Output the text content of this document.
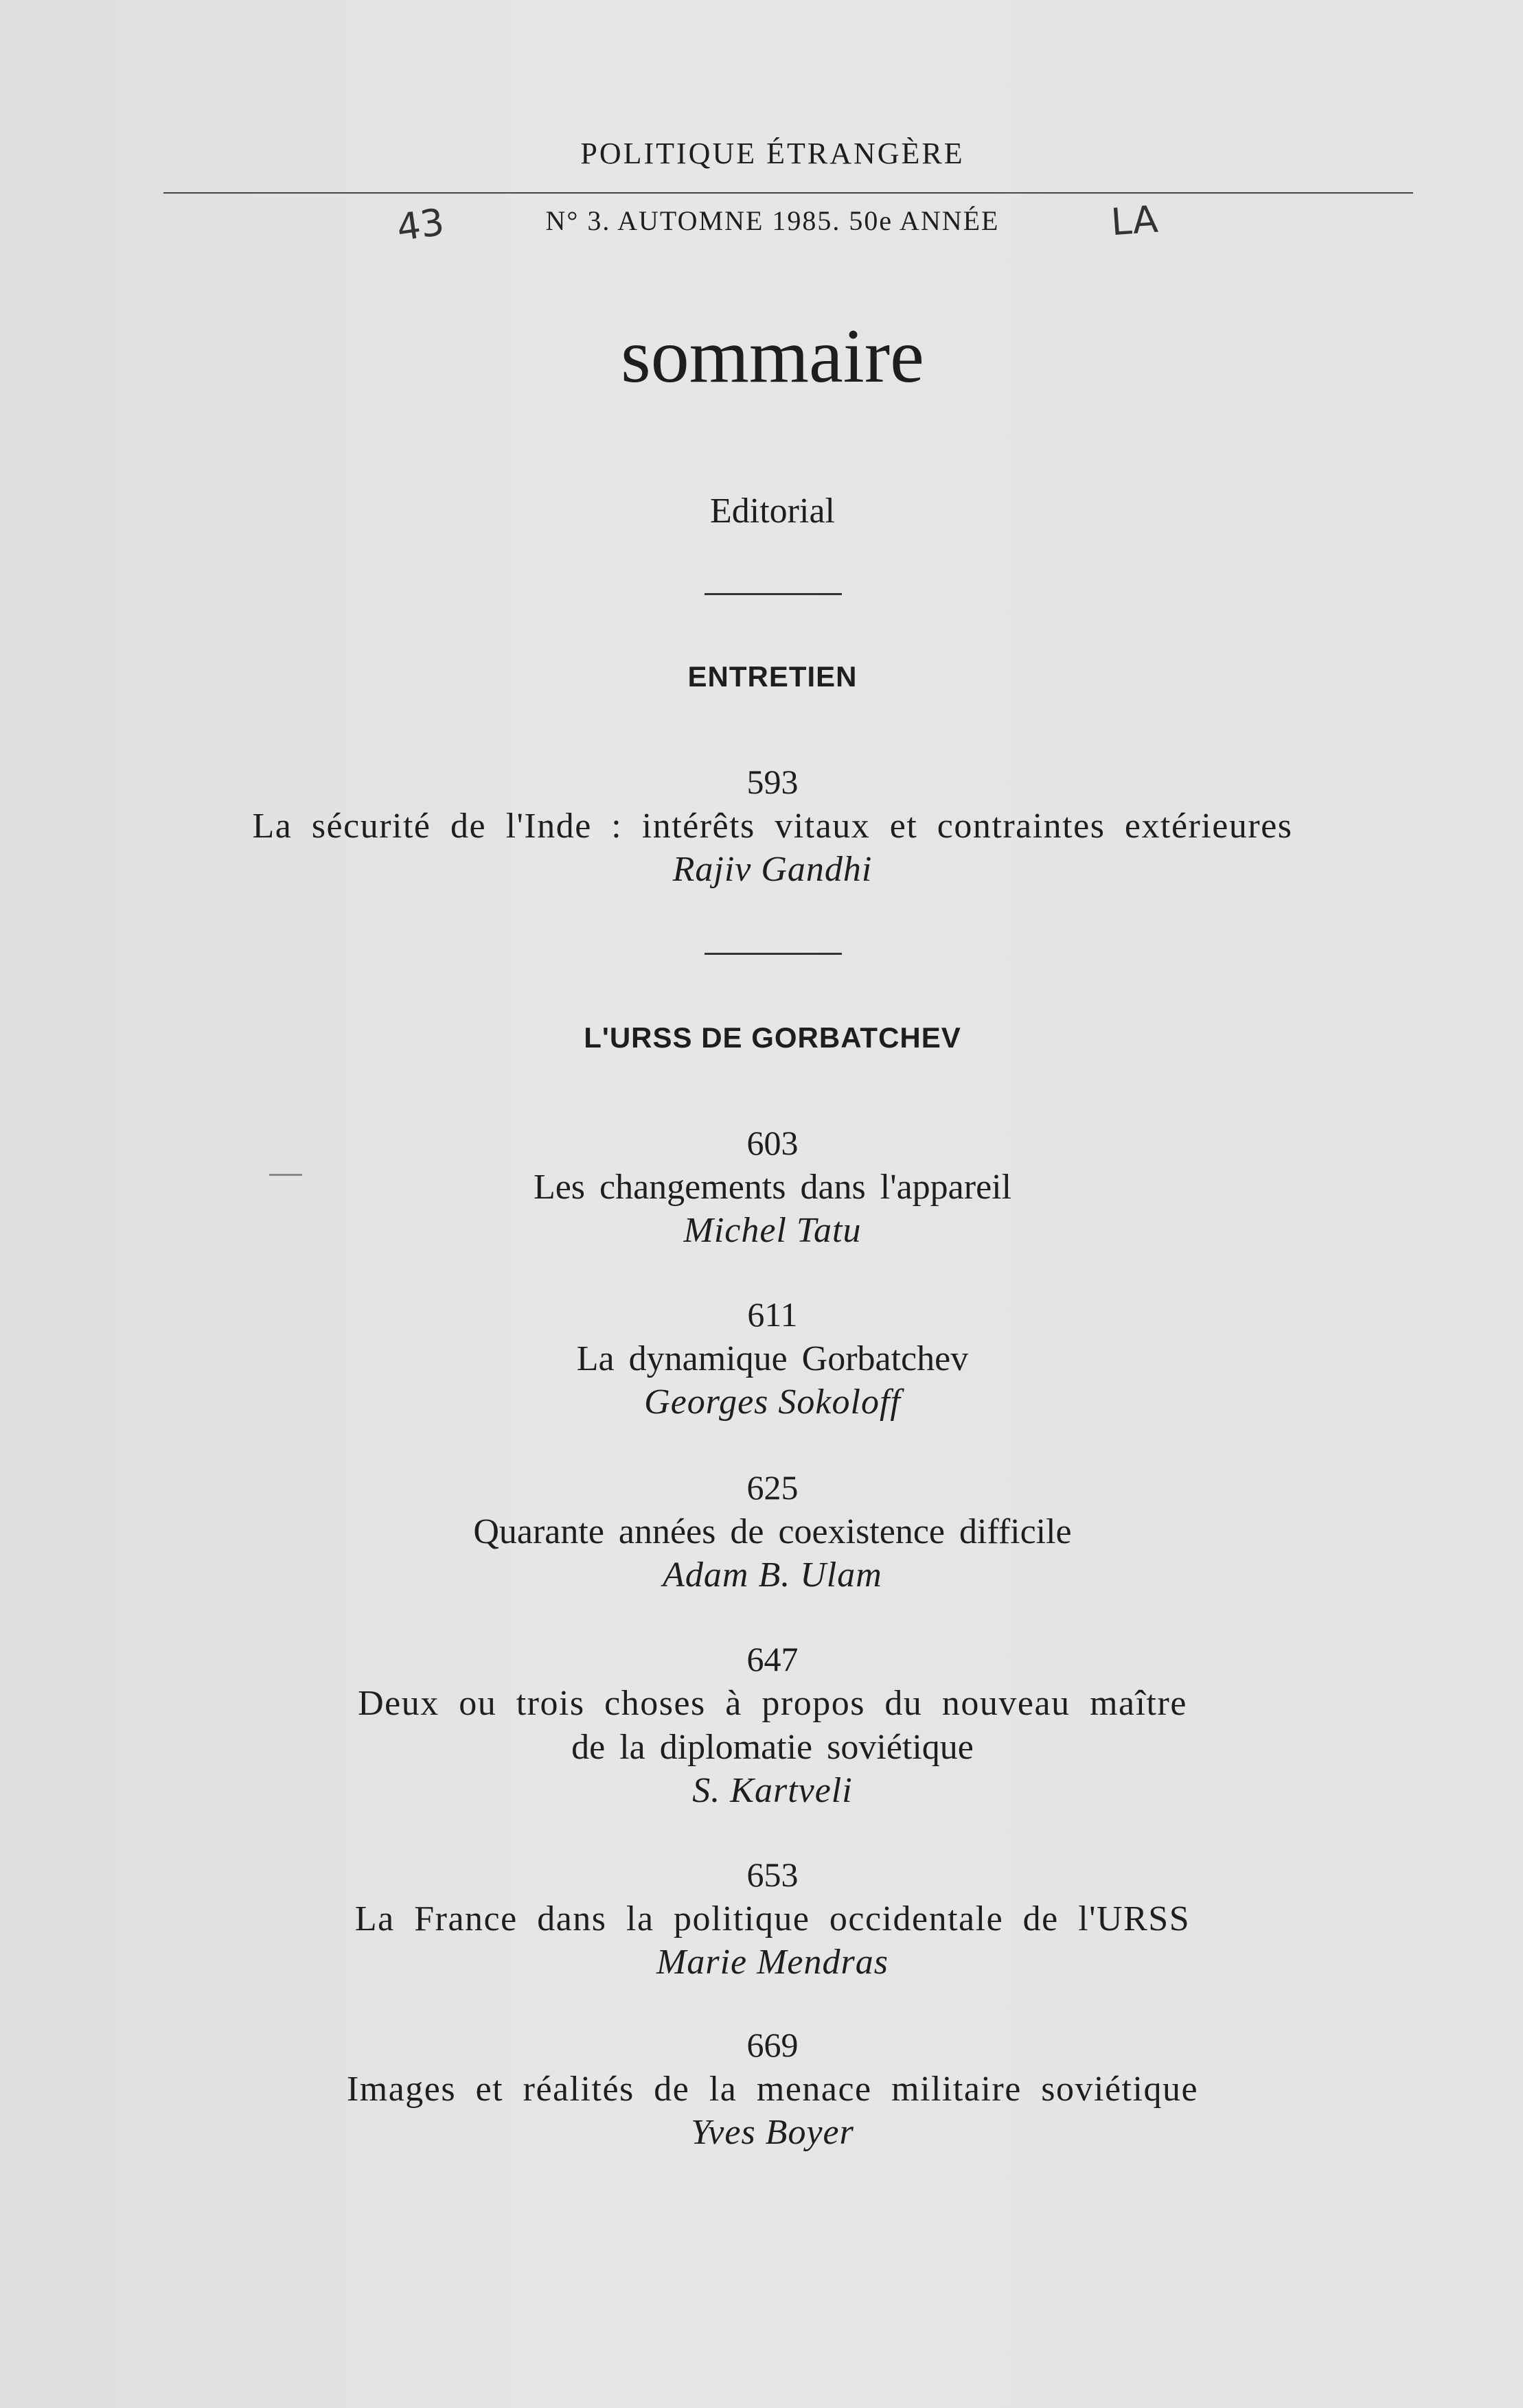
POLITIQUE ÉTRANGÈRE
N° 3. AUTOMNE 1985. 50e ANNÉE
43	LA
sommaire
Editorial
ENTRETIEN
593
La sécurité de l'Inde : intérêts vitaux et contraintes extérieures
Rajiv Gandhi
L'URSS DE GORBATCHEV
603
Les changements dans l'appareil
Michel Tatu
611
La dynamique Gorbatchev
Georges Sokoloff
625
Quarante années de coexistence difficile
Adam B. Ulam
647
Deux ou trois choses à propos du nouveau maître
de la diplomatie soviétique
S. Kartveli
653
La France dans la politique occidentale de l'URSS
Marie Mendras
669
Images et réalités de la menace militaire soviétique
Yves Boyer
